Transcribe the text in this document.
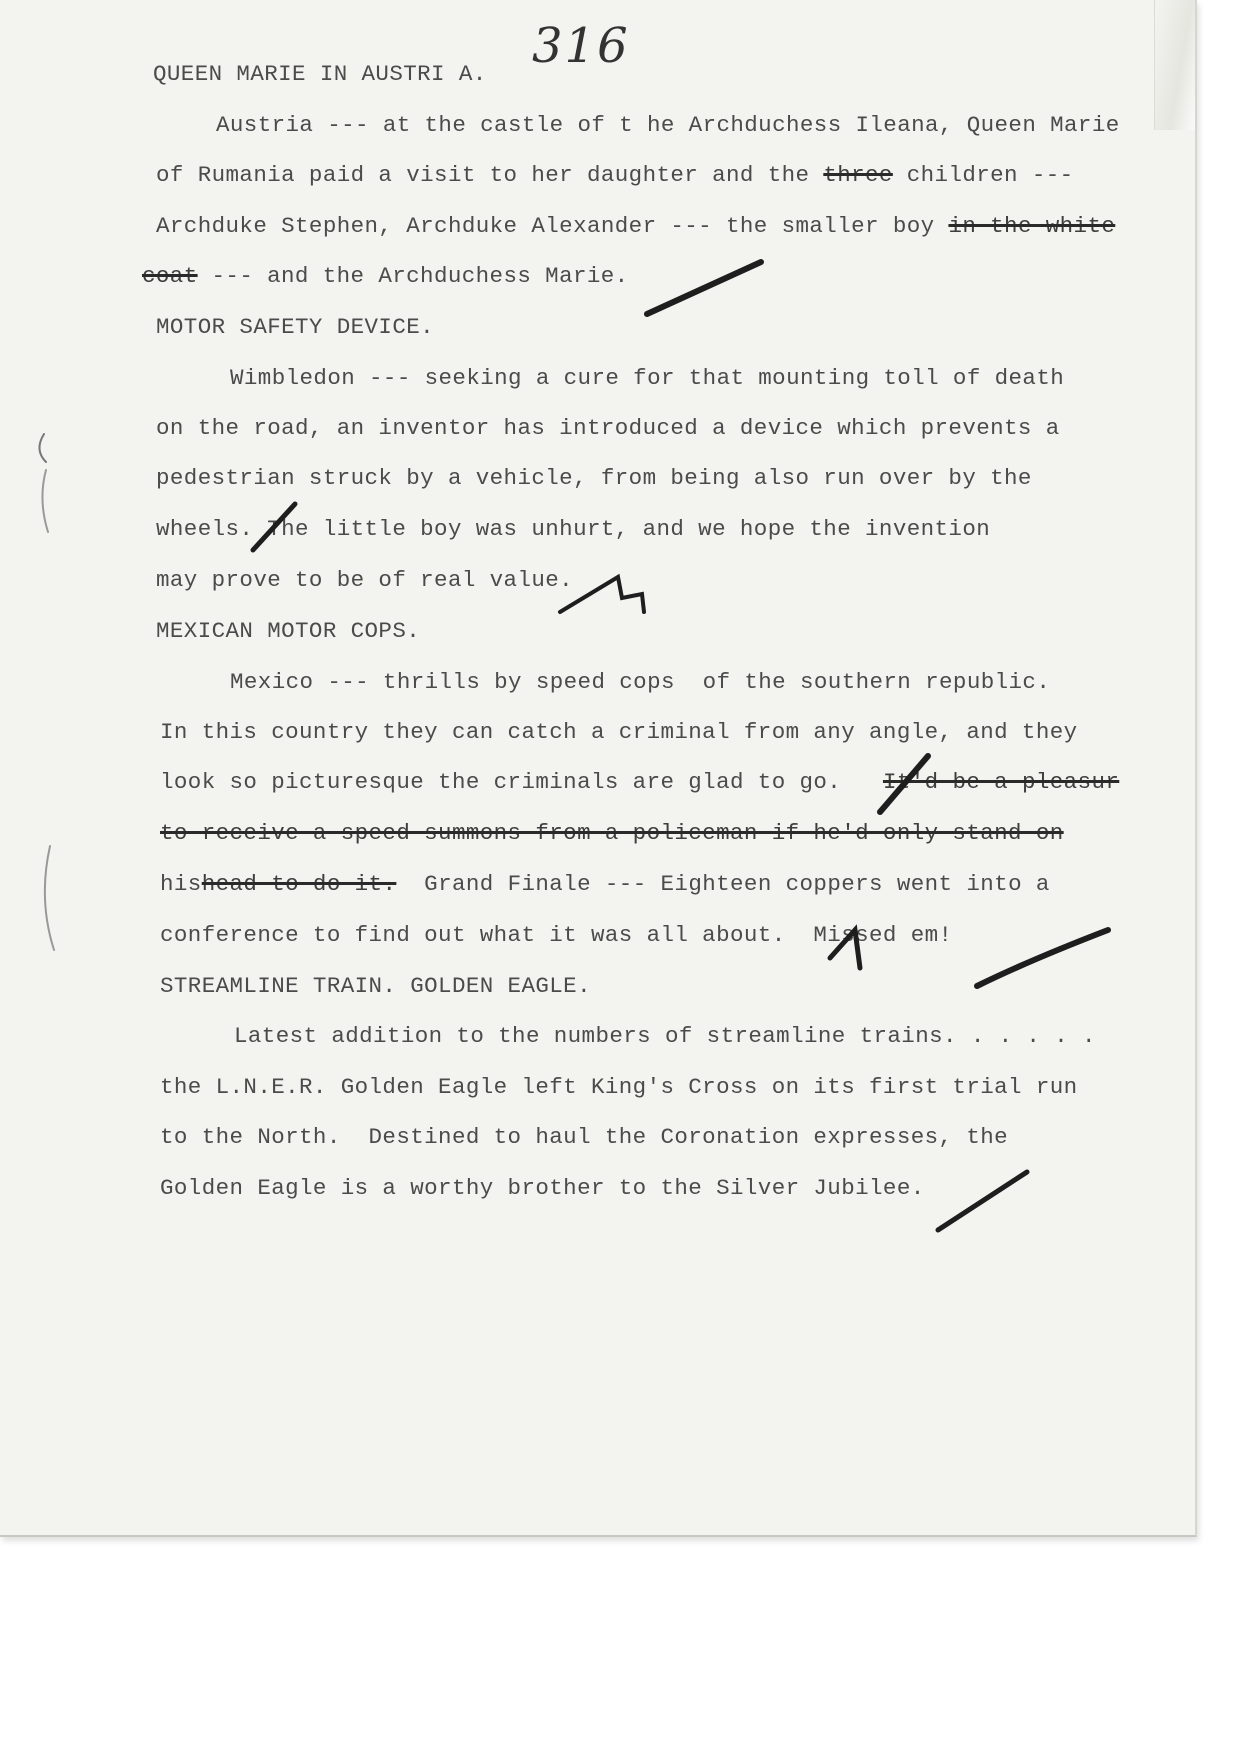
316
QUEEN MARIE IN AUSTRI A.
Austria --- at the castle of t he Archduchess Ileana, Queen Marie
of Rumania paid a visit to her daughter and the three children ---
Archduke Stephen, Archduke Alexander --- the smaller boy in the white
coat --- and the Archduchess Marie.
MOTOR SAFETY DEVICE.
Wimbledon --- seeking a cure for that mounting toll of death
on the road, an inventor has introduced a device which prevents a
pedestrian struck by a vehicle, from being also run over by the
wheels. The little boy was unhurt, and we hope the invention
may prove to be of real value.
MEXICAN MOTOR COPS.
Mexico --- thrills by speed cops  of the southern republic.
In this country they can catch a criminal from any angle, and they
look so picturesque the criminals are glad to go. It'd be a pleasur
to receive a speed summons from a policeman if he'd only stand on
hishead to do it. Grand Finale --- Eighteen coppers went into a
conference to find out what it was all about.  Missed em!
STREAMLINE TRAIN. GOLDEN EAGLE.
Latest addition to the numbers of streamline trains. . . . . .
the L.N.E.R. Golden Eagle left King's Cross on its first trial run
to the North.  Destined to haul the Coronation expresses, the
Golden Eagle is a worthy brother to the Silver Jubilee.
